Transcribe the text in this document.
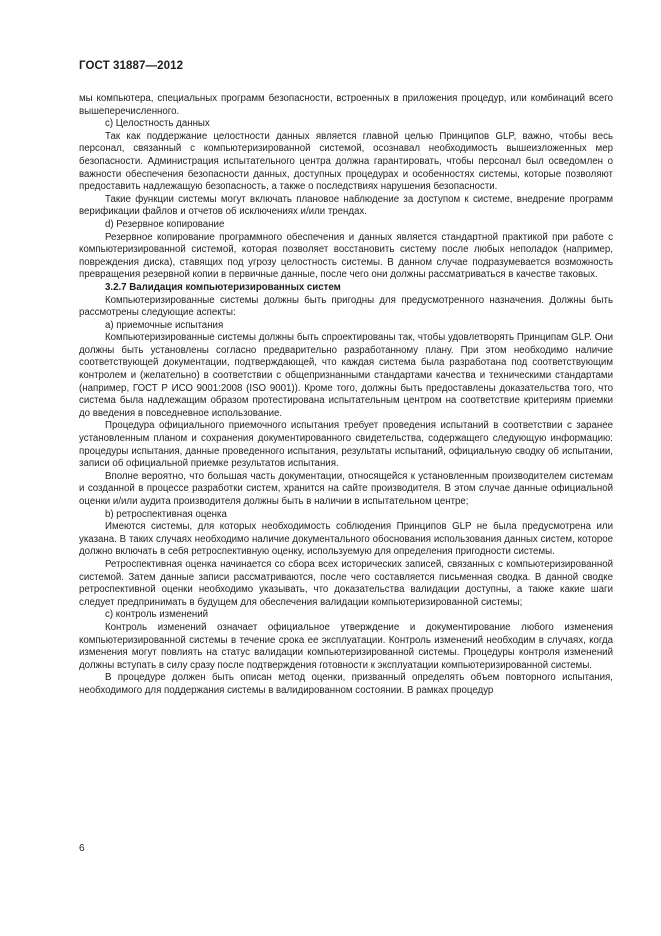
ГОСТ 31887—2012

мы компьютера, специальных программ безопасности, встроенных в приложения процедур, или комбинаций всего вышеперечисленного.

c) Целостность данных

Так как поддержание целостности данных является главной целью Принципов GLP, важно, чтобы весь персонал, связанный с компьютеризированной системой, осознавал необходимость вышеизложенных мер безопасности. Администрация испытательного центра должна гарантировать, чтобы персонал был осведомлен о важности обеспечения безопасности данных, доступных процедурах и особенностях системы, которые позволяют предоставить надлежащую безопасность, а также о последствиях нарушения безопасности.

Такие функции системы могут включать плановое наблюдение за доступом к системе, внедрение программ верификации файлов и отчетов об исключениях и/или трендах.

d) Резервное копирование

Резервное копирование программного обеспечения и данных является стандартной практикой при работе с компьютеризированной системой, которая позволяет восстановить систему после любых неполадок (например, повреждения диска), ставящих под угрозу целостность системы. В данном случае подразумевается возможность превращения резервной копии в первичные данные, после чего они должны рассматриваться в качестве таковых.

3.2.7 Валидация компьютеризированных систем

Компьютеризированные системы должны быть пригодны для предусмотренного назначения. Должны быть рассмотрены следующие аспекты:

a) приемочные испытания

Компьютеризированные системы должны быть спроектированы так, чтобы удовлетворять Принципам GLP. Они должны быть установлены согласно предварительно разработанному плану. При этом необходимо наличие соответствующей документации, подтверждающей, что каждая система была разработана под соответствующим контролем и (желательно) в соответствии с общепризнанными стандартами качества и техническими стандартами (например, ГОСТ Р ИСО 9001:2008 (ISO 9001)). Кроме того, должны быть предоставлены доказательства того, что система была надлежащим образом протестирована испытательным центром на соответствие критериям приемки до введения в повседневное использование.

Процедура официального приемочного испытания требует проведения испытаний в соответствии с заранее установленным планом и сохранения документированного свидетельства, содержащего следующую информацию: процедуры испытания, данные проведенного испытания, результаты испытаний, официальную сводку об испытании, записи об официальной приемке результатов испытания.

Вполне вероятно, что большая часть документации, относящейся к установленным производителем системам и созданной в процессе разработки систем, хранится на сайте производителя. В этом случае данные официальной оценки и/или аудита производителя должны быть в наличии в испытательном центре;

b) ретроспективная оценка

Имеются системы, для которых необходимость соблюдения Принципов GLP не была предусмотрена или указана. В таких случаях необходимо наличие документального обоснования использования данных систем, которое должно включать в себя ретроспективную оценку, используемую для определения пригодности системы.

Ретроспективная оценка начинается со сбора всех исторических записей, связанных с компьютеризированной системой. Затем данные записи рассматриваются, после чего составляется письменная сводка. В данной сводке ретроспективной оценки необходимо указывать, что доказательства валидации доступны, а также какие шаги следует предпринимать в будущем для обеспечения валидации компьютеризированной системы;

c) контроль изменений

Контроль изменений означает официальное утверждение и документирование любого изменения компьютеризированной системы в течение срока ее эксплуатации. Контроль изменений необходим в случаях, когда изменения могут повлиять на статус валидации компьютеризированной системы. Процедуры контроля изменений должны вступать в силу сразу после подтверждения готовности к эксплуатации компьютеризированной системы.

В процедуре должен быть описан метод оценки, призванный определять объем повторного испытания, необходимого для поддержания системы в валидированном состоянии. В рамках процедур

6
